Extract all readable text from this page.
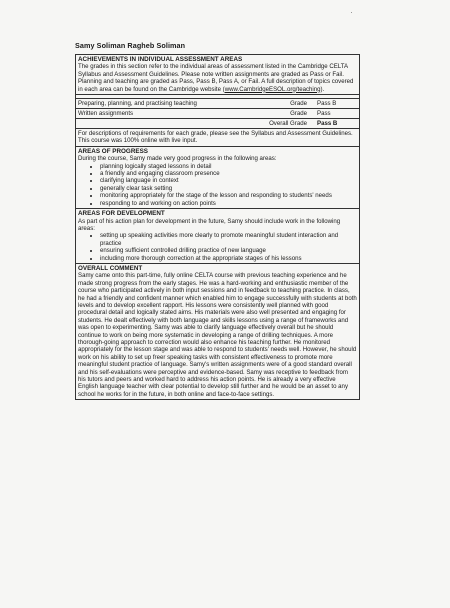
Samy Soliman Ragheb Soliman
ACHIEVEMENTS IN INDIVIDUAL ASSESSMENT AREAS

The grades in this section refer to the individual areas of assessment listed in the Cambridge CELTA Syllabus and Assessment Guidelines. Please note written assignments are graded as Pass or Fail. Planning and teaching are graded as Pass, Pass B, Pass A, or Fail. A full description of topics covered in each area can be found on the Cambridge website (www.CambridgeESOL.org/teaching).

Preparing, planning, and practising teaching	Grade	Pass B
Written assignments	Grade	Pass
Overall Grade	Pass B

For descriptions of requirements for each grade, please see the Syllabus and Assessment Guidelines. This course was 100% online with live input.

AREAS OF PROGRESS

During the course, Samy made very good progress in the following areas:

• planning logically staged lessons in detail
• a friendly and engaging classroom presence
• clarifying language in context
• generally clear task setting
• monitoring appropriately for the stage of the lesson and responding to students' needs
• responding to and working on action points
AREAS FOR DEVELOPMENT

As part of his action plan for development in the future, Samy should include work in the following areas:

• setting up speaking activities more clearly to promote meaningful student interaction and practice
• ensuring sufficient controlled drilling practice of new language
• including more thorough correction at the appropriate stages of his lessons
OVERALL COMMENT

Samy came onto this part-time, fully online CELTA course with previous teaching experience and he made strong progress from the early stages. He was a hard-working and enthusiastic member of the course who participated actively in both input sessions and in feedback to teaching practice. In class, he had a friendly and confident manner which enabled him to engage successfully with students at both levels and to develop excellent rapport. His lessons were consistently well planned with good procedural detail and logically stated aims. His materials were also well presented and engaging for students. He dealt effectively with both language and skills lessons using a range of frameworks and was open to experimenting. Samy was able to clarify language effectively overall but he should continue to work on being more systematic in developing a range of drilling techniques. A more thorough-going approach to correction would also enhance his teaching further. He monitored appropriately for the lesson stage and was able to respond to students' needs well. However, he should work on his ability to set up freer speaking tasks with consistent effectiveness to promote more meaningful student practice of language. Samy's written assignments were of a good standard overall and his self-evaluations were perceptive and evidence-based. Samy was receptive to feedback from his tutors and peers and worked hard to address his action points. He is already a very effective English language teacher with clear potential to develop still further and he would be an asset to any school he works for in the future, in both online and face-to-face settings.
